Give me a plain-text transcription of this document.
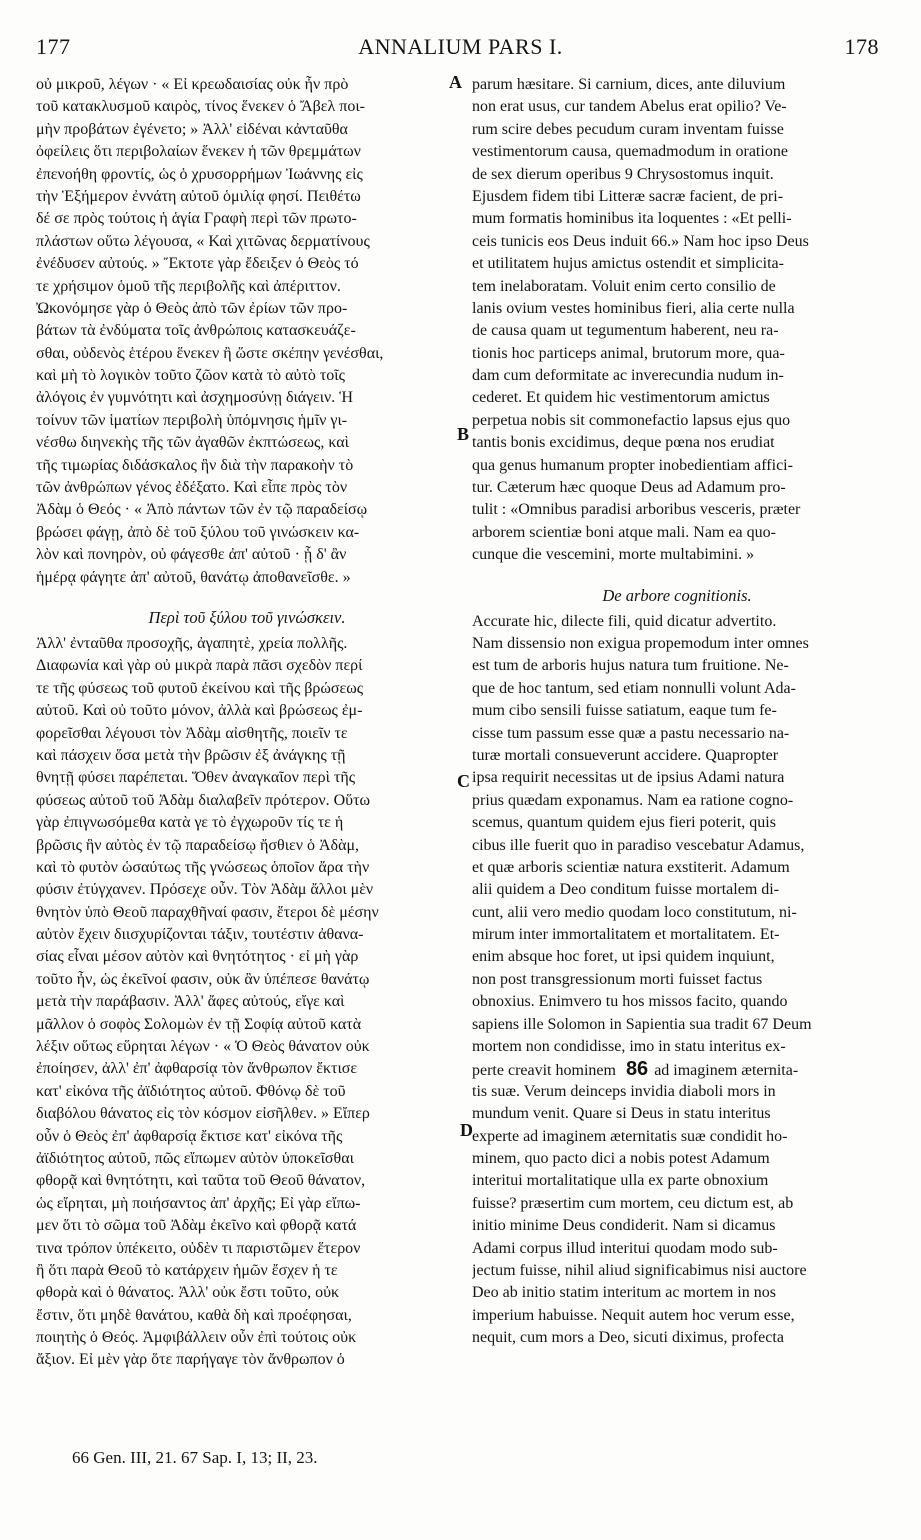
177	ANNALIUM PARS I.	178
οὐ μικροῦ, λέγων · « Εἰ κρεωδαισίας οὐκ ἦν πρὸ
τοῦ κατακλυσμοῦ καιρὸς, τίνος ἕνεκεν ὁ Ἄβελ ποι-
μὴν προβάτων ἐγένετο; » Ἀλλ' εἰδέναι κἀνταῦθα
ὀφείλεις ὅτι περιβολαίων ἕνεκεν ἡ τῶν θρεμμάτων
ἐπενοήθη φροντίς, ὡς ὁ χρυσορρήμων Ἰωάννης εἰς
τὴν Ἑξήμερον ἐννάτη αὐτοῦ ὁμιλίᾳ φησί. Πειθέτω
δέ σε πρὸς τούτοις ἡ ἁγία Γραφὴ περὶ τῶν πρωτο-
πλάστων οὕτω λέγουσα, « Καὶ χιτῶνας δερματίνους
ἐνέδυσεν αὐτούς. » Ἔκτοτε γὰρ ἔδειξεν ὁ Θεὸς τό
τε χρήσιμον ὁμοῦ τῆς περιβολῆς καὶ ἀπέριττον.
Ὠκονόμησε γὰρ ὁ Θεὸς ἀπὸ τῶν ἐρίων τῶν προ-
βάτων τὰ ἐνδύματα τοῖς ἀνθρώποις κατασκευάζε-
σθαι, οὐδενὸς ἑτέρου ἕνεκεν ἢ ὥστε σκέπην γενέσθαι,
καὶ μὴ τὸ λογικὸν τοῦτο ζῶον κατὰ τὸ αὐτὸ τοῖς
ἀλόγοις ἐν γυμνότητι καὶ ἀσχημοσύνῃ διάγειν. Ἡ
τοίνυν τῶν ἱματίων περιβολὴ ὑπόμνησις ἡμῖν γι-
νέσθω διηνεκὴς τῆς τῶν ἀγαθῶν ἐκπτώσεως, καὶ
τῆς τιμωρίας διδάσκαλος ἣν διὰ τὴν παρακοὴν τὸ
τῶν ἀνθρώπων γένος ἐδέξατο. Καὶ εἶπε πρὸς τὸν
Ἀδὰμ ὁ Θεός · « Ἀπὸ πάντων τῶν ἐν τῷ παραδείσῳ
βρώσει φάγῃ, ἀπὸ δὲ τοῦ ξύλου τοῦ γινώσκειν κα-
λὸν καὶ πονηρὸν, οὐ φάγεσθε ἀπ' αὐτοῦ · ᾗ δ' ἂν
ἡμέρᾳ φάγητε ἀπ' αὐτοῦ, θανάτῳ ἀποθανεῖσθε. »
Περὶ τοῦ ξύλου τοῦ γινώσκειν.
Ἀλλ' ἐνταῦθα προσοχῆς, ἀγαπητὲ, χρεία πολλῆς.
Διαφωνία καὶ γὰρ οὐ μικρὰ παρὰ πᾶσι σχεδὸν περί
τε τῆς φύσεως τοῦ φυτοῦ ἐκείνου καὶ τῆς βρώσεως
αὐτοῦ. Καὶ οὐ τοῦτο μόνον, ἀλλὰ καὶ βρώσεως ἐμ-
φορεῖσθαι λέγουσι τὸν Ἀδὰμ αἰσθητῆς, ποιεῖν τε
καὶ πάσχειν ὅσα μετὰ τὴν βρῶσιν ἐξ ἀνάγκης τῇ
θνητῇ φύσει παρέπεται. Ὅθεν ἀναγκαῖον περὶ τῆς
φύσεως αὐτοῦ τοῦ Ἀδὰμ διαλαβεῖν πρότερον. Οὕτω
γὰρ ἐπιγνωσόμεθα κατὰ γε τὸ ἐγχωροῦν τίς τε ἡ
βρῶσις ἣν αὐτὸς ἐν τῷ παραδείσῳ ἤσθιεν ὁ Ἀδὰμ,
καὶ τὸ φυτὸν ὡσαύτως τῆς γνώσεως ὁποῖον ἄρα τὴν
φύσιν ἐτύγχανεν. Πρόσεχε οὖν. Τὸν Ἀδὰμ ἄλλοι μὲν
θνητὸν ὑπὸ Θεοῦ παραχθῆναί φασιν, ἕτεροι δὲ μέσην
αὐτὸν ἔχειν διισχυρίζονται τάξιν, τουτέστιν ἀθανα-
σίας εἶναι μέσον αὐτὸν καὶ θνητότητος · εἰ μὴ γὰρ
τοῦτο ἦν, ὡς ἐκεῖνοί φασιν, οὐκ ἂν ὑπέπεσε θανάτῳ
μετὰ τὴν παράβασιν. Ἀλλ' ἄφες αὐτούς, εἴγε καὶ
μᾶλλον ὁ σοφὸς Σολομὼν ἐν τῇ Σοφίᾳ αὐτοῦ κατὰ
λέξιν οὕτως εὕρηται λέγων · « Ὁ Θεὸς θάνατον οὐκ
ἐποίησεν, ἀλλ' ἐπ' ἀφθαρσίᾳ τὸν ἄνθρωπον ἔκτισε
κατ' εἰκόνα τῆς ἀϊδιότητος αὐτοῦ. Φθόνῳ δὲ τοῦ
διαβόλου θάνατος εἰς τὸν κόσμον εἰσῆλθεν. » Εἴπερ
οὖν ὁ Θεὸς ἐπ' ἀφθαρσίᾳ ἔκτισε κατ' εἰκόνα τῆς
ἀϊδιότητος αὐτοῦ, πῶς εἴπωμεν αὐτὸν ὑποκεῖσθαι
φθορᾷ καὶ θνητότητι, καὶ ταῦτα τοῦ Θεοῦ θάνατον,
ὡς εἴρηται, μὴ ποιήσαντος ἀπ' ἀρχῆς; Εἰ γὰρ εἴπω-
μεν ὅτι τὸ σῶμα τοῦ Ἀδὰμ ἐκεῖνο καὶ φθορᾷ κατά
τινα τρόπον ὑπέκειτο, οὐδὲν τι παριστῶμεν ἕτερον
ἢ ὅτι παρὰ Θεοῦ τὸ κατάρχειν ἡμῶν ἔσχεν ἡ τε
φθορὰ καὶ ὁ θάνατος. Ἀλλ' οὐκ ἔστι τοῦτο, οὐκ
ἔστιν, ὅτι μηδὲ θανάτου, καθὰ δὴ καὶ προέφησαι,
ποιητὴς ὁ Θεός. Ἀμφιβάλλειν οὖν ἐπὶ τούτοις οὐκ
ἄξιον. Εἰ μὲν γὰρ ὅτε παρήγαγε τὸν ἄνθρωπον ὁ
parum hæsitare. Si carnium, dices, ante diluvium
non erat usus, cur tandem Abelus erat opilio? Ve-
rum scire debes pecudum curam inventam fuisse
vestimentorum causa, quemadmodum in oratione
de sex dierum operibus 9 Chrysostomus inquit.
Ejusdem fidem tibi Litteræ sacræ facient, de pri-
mum formatis hominibus ita loquentes : «Et pelli-
ceis tunicis eos Deus induit 66.» Nam hoc ipso Deus
et utilitatem hujus amictus ostendit et simplicita-
tem inelaboratam. Voluit enim certo consilio de
lanis ovium vestes hominibus fieri, alia certe nulla
de causa quam ut tegumentum haberent, neu ra-
tionis hoc particeps animal, brutorum more, qua-
dam cum deformitate ac inverecundia nudum in-
cederet. Et quidem hic vestimentorum amictus
perpetua nobis sit commonefactio lapsus ejus quo
tantis bonis excidimus, deque pœna nos erudiat
qua genus humanum propter inobedientiam affici-
tur. Cæterum hæc quoque Deus ad Adamum pro-
tulit : «Omnibus paradisi arboribus vesceris, præter
arborem scientiæ boni atque mali. Nam ea quo-
cunque die vescemini, morte multabimini. »
De arbore cognitionis.
Accurate hic, dilecte fili, quid dicatur advertito.
Nam dissensio non exigua propemodum inter omnes
est tum de arboris hujus natura tum fruitione. Ne-
que de hoc tantum, sed etiam nonnulli volunt Ada-
mum cibo sensili fuisse satiatum, eaque tum fe-
cisse tum passum esse quæ a pastu necessario na-
turæ mortali consueverunt accidere. Quapropter
ipsa requirit necessitas ut de ipsius Adami natura
prius quædam exponamus. Nam ea ratione cogno-
scemus, quantum quidem ejus fieri poterit, quis
cibus ille fuerit quo in paradiso vescebatur Adamus,
et quæ arboris scientiæ natura exstiterit. Adamum
alii quidem a Deo conditum fuisse mortalem di-
cunt, alii vero medio quodam loco constitutum, ni-
mirum inter immortalitatem et mortalitatem. Et-
enim absque hoc foret, ut ipsi quidem inquiunt,
non post transgressionum morti fuisset factus
obnoxius. Enimvero tu hos missos facito, quando
sapiens ille Solomon in Sapientia sua tradit 67 Deum
mortem non condidisse, imo in statu interitus ex-
perte creavit hominem 86 ad imaginem æternita-
tis suæ. Verum deinceps invidia diaboli mors in
mundum venit. Quare si Deus in statu interitus
experte ad imaginem æternitatis suæ condidit ho-
minem, quo pacto dici a nobis potest Adamum
interitui mortalitatique ulla ex parte obnoxium
fuisse? præsertim cum mortem, ceu dictum est, ab
initio minime Deus condiderit. Nam si dicamus
Adami corpus illud interitui quodam modo sub-
jectum fuisse, nihil aliud significabimus nisi auctore
Deo ab initio statim interitum ac mortem in nos
imperium habuisse. Nequit autem hoc verum esse,
nequit, cum mors a Deo, sicuti diximus, profecta
A
B
C
D
66 Gen. III, 21. 67 Sap. I, 13; II, 23.
